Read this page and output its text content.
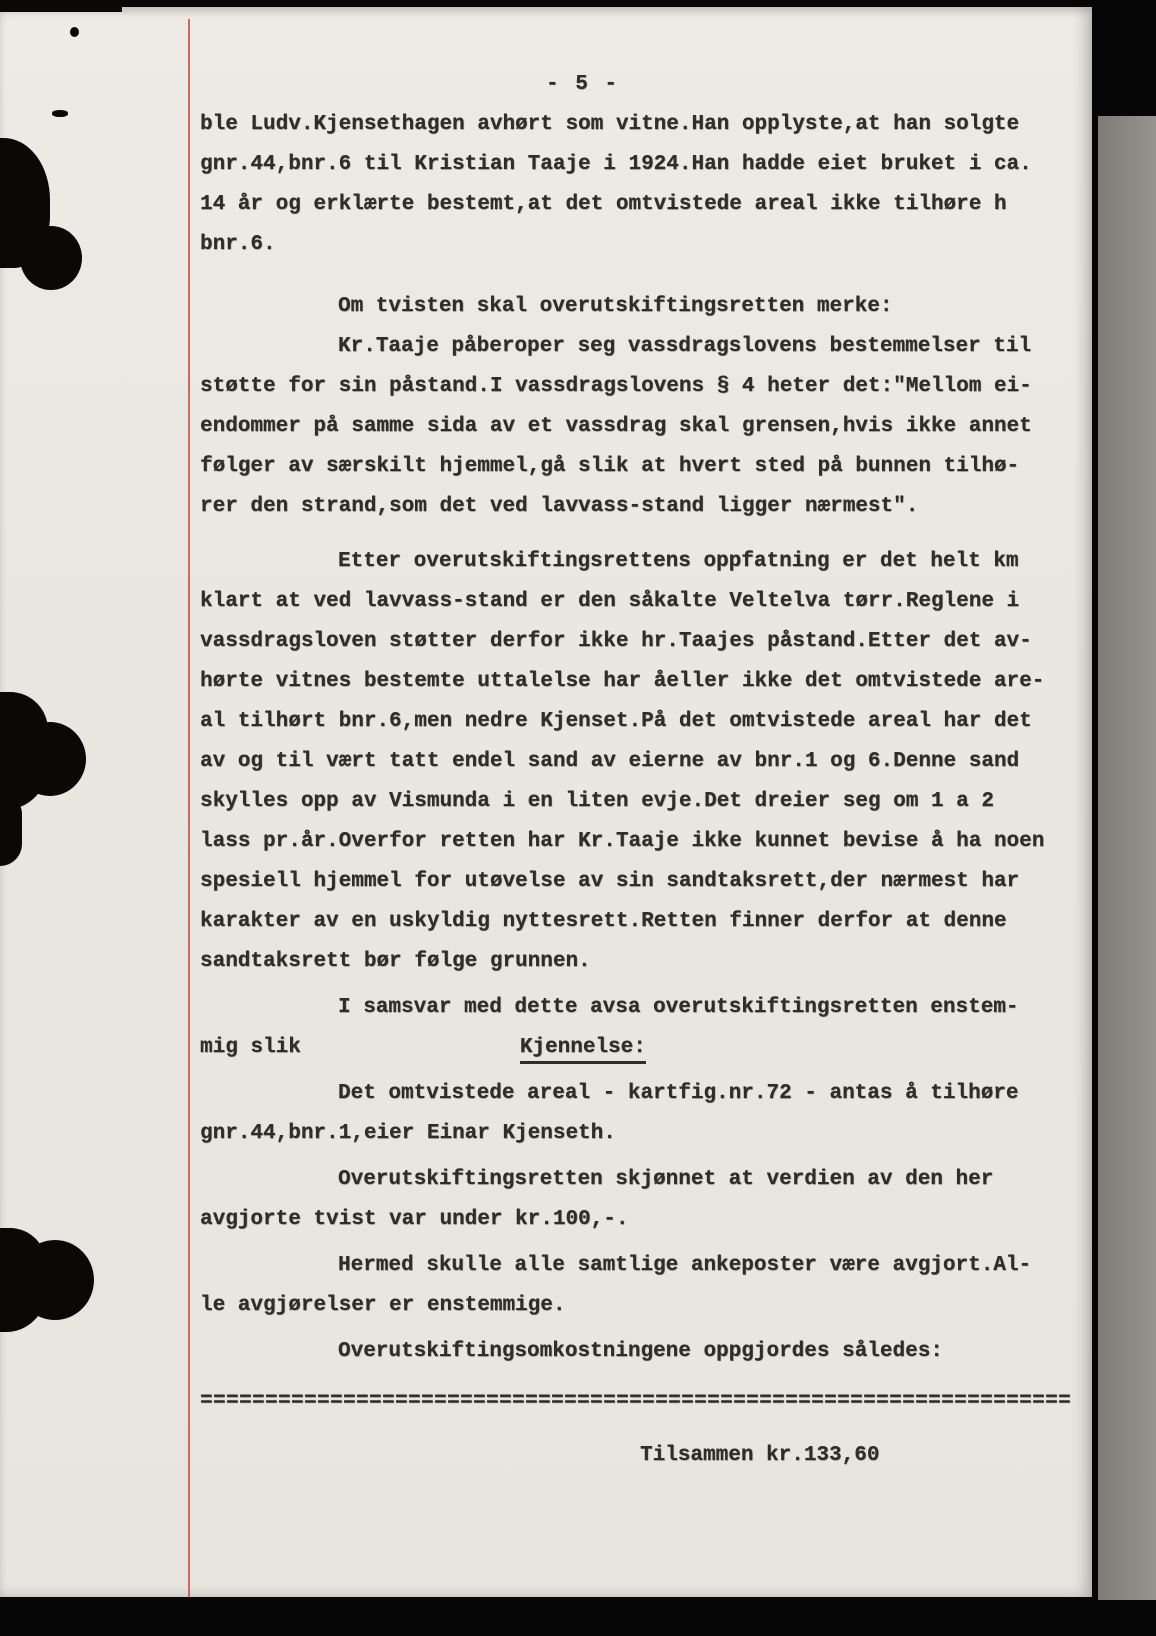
- 5 -

ble Ludv.Kjensethagen avhørt som vitne.Han opplyste,at han solgte
gnr.44,bnr.6 til Kristian Taaje i 1924.Han hadde eiet bruket i ca.
14 år og erklærte bestemt,at det omtvistede areal ikke tilhøre h
bnr.6.

Om tvisten skal overutskiftingsretten merke:

Kr.Taaje påberoper seg vassdragslovens bestemmelser til
støtte for sin påstand.I vassdragslovens § 4 heter det:"Mellom ei-
endommer på samme sida av et vassdrag skal grensen,hvis ikke annet
følger av særskilt hjemmel,gå slik at hvert sted på bunnen tilhø-
rer den strand,som det ved lavvass-stand ligger nærmest".

Etter overutskiftingsrettens oppfatning er det helt km
klart at ved lavvass-stand er den såkalte Veltelva tørr.Reglene i
vassdragsloven støtter derfor ikke hr.Taajes påstand.Etter det av-
hørte vitnes bestemte uttalelse har åeller ikke det omtvistede are-
al tilhørt bnr.6,men nedre Kjenset.På det omtvistede areal har det
av og til vært tatt endel sand av eierne av bnr.1 og 6.Denne sand
skylles opp av Vismunda i en liten evje.Det dreier seg om 1 a 2
lass pr.år.Overfor retten har Kr.Taaje ikke kunnet bevise å ha noen
spesiell hjemmel for utøvelse av sin sandtaksrett,der nærmest har
karakter av en uskyldig nyttesrett.Retten finner derfor at denne
sandtaksrett bør følge grunnen.

I samsvar med dette avsa overutskiftingsretten enstem-
mig slik	Kjennelse:

Det omtvistede areal - kartfig.nr.72 - antas å tilhøre
gnr.44,bnr.1,eier Einar Kjenseth.

Overutskiftingsretten skjønnet at verdien av den her
avgjorte tvist var under kr.100,-.

Hermed skulle alle samtlige ankeposter være avgjort.Al-
le avgjørelser er enstemmige.

Overutskiftingsomkostningene oppgjordes således:

===================================================================
Tilsammen kr.133,60
